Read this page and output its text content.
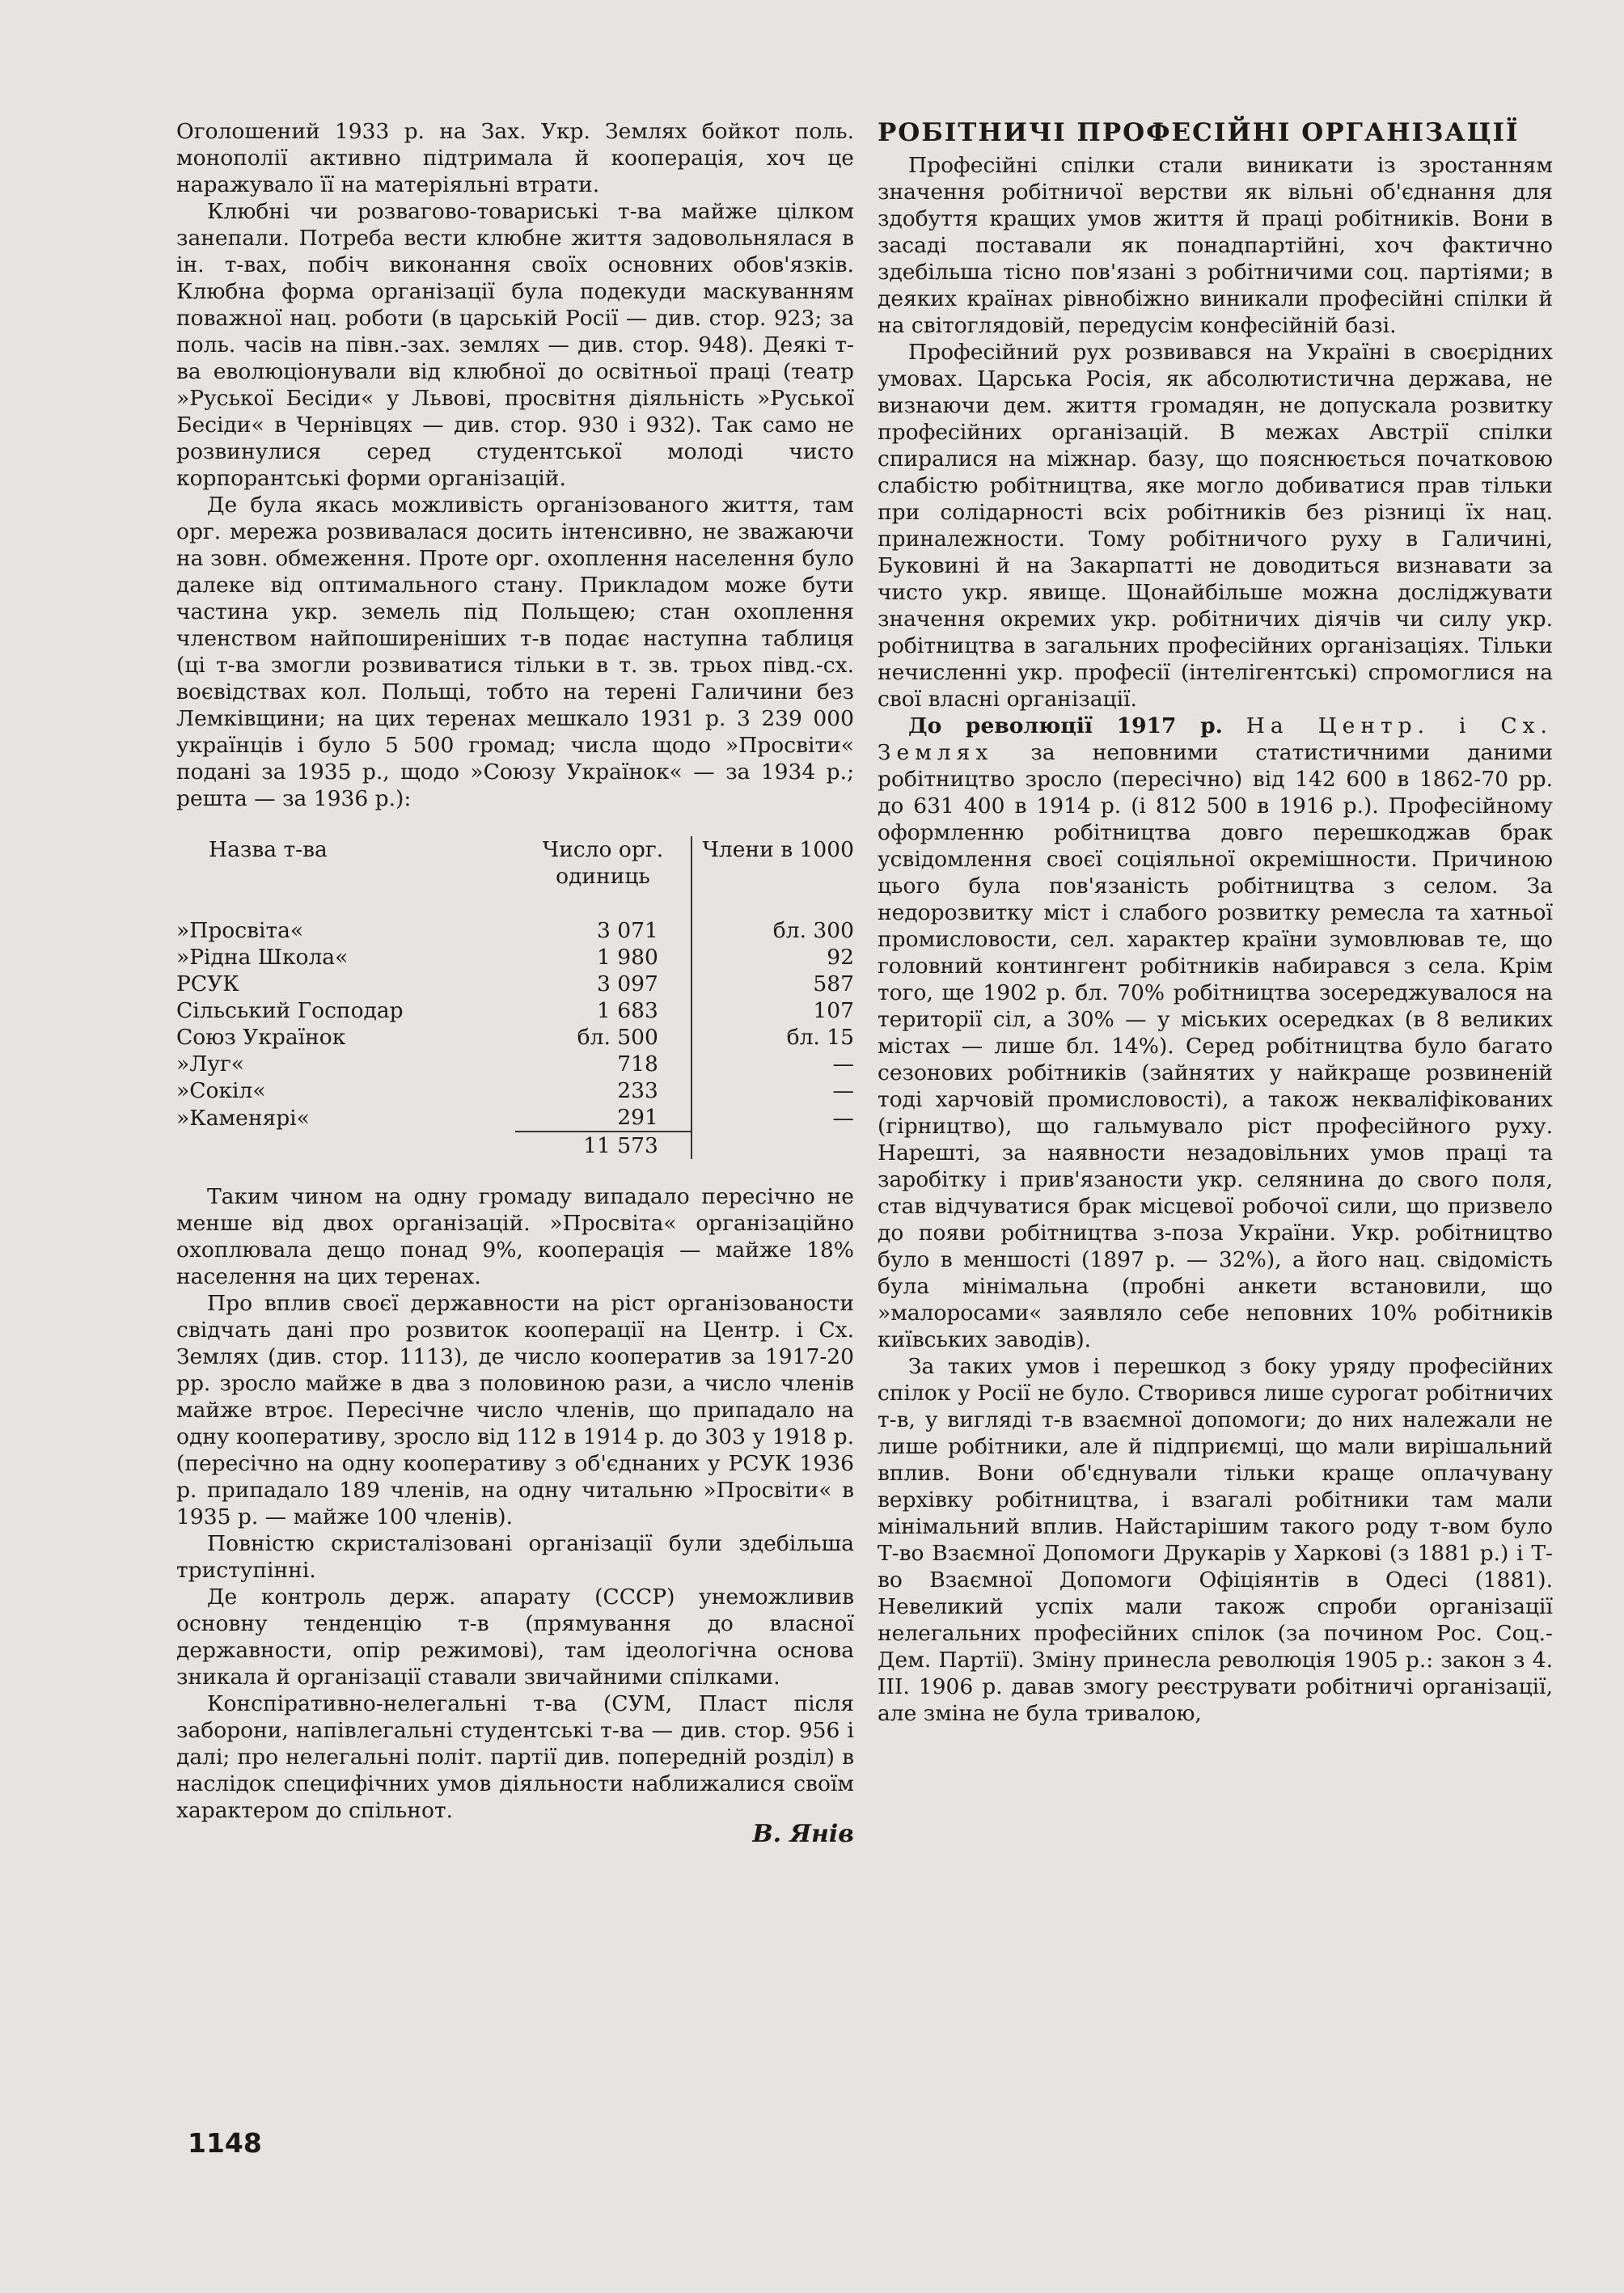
Оголошений 1933 р. на Зах. Укр. Землях бойкот поль. монополії активно підтримала й кооперація, хоч це наражувало її на матеріяльні втрати.

Клюбні чи розвагово-товариські т-ва майже цілком занепали. Потреба вести клюбне життя задовольнялася в ін. т-вах, побіч виконання своїх основних обов'язків. Клюбна форма організації була подекуди маскуванням поважної нац. роботи (в царській Росії — див. стор. 923; за поль. часів на півн.-зах. землях — див. стор. 948). Деякі т-ва еволюціонували від клюбної до освітньої праці (театр »Руської Бесіди« у Львові, просвітня діяльність »Руської Бесіди« в Чернівцях — див. стор. 930 і 932). Так само не розвинулися серед студентської молоді чисто корпорантські форми організацій.

Де була якась можливість організованого життя, там орг. мережа розвивалася досить інтенсивно, не зважаючи на зовн. обмеження. Проте орг. охоплення населення було далеке від оптимального стану. Прикладом може бути частина укр. земель під Польщею; стан охоплення членством найпоширеніших т-в подає наступна таблиця (ці т-ва змогли розвиватися тільки в т. зв. трьох півд.-сх. воєвідствах кол. Польщі, тобто на терені Галичини без Лемківщини; на цих теренах мешкало 1931 р. 3 239 000 українців і було 5 500 громад; числа щодо »Просвіти« подані за 1935 р., щодо »Союзу Українок« — за 1934 р.; решта — за 1936 р.):

Назва т-ва	Число орг. одиниць	Члени в 1000
»Просвіта«	3 071	бл. 300
»Рідна Школа«	1 980	92
РСУК	3 097	587
Сільський Господар	1 683	107
Союз Українок	бл. 500	бл. 15
»Луг«	718	—
»Сокіл«	233	—
»Каменярі«	291	—
	11 573	

Таким чином на одну громаду випадало пересічно не менше від двох організацій. »Просвіта« організаційно охоплювала дещо понад 9%, кооперація — майже 18% населення на цих теренах.

Про вплив своєї державности на ріст організованости свідчать дані про розвиток кооперації на Центр. і Сх. Землях (див. стор. 1113), де число кооператив за 1917-20 рр. зросло майже в два з половиною рази, а число членів майже втроє. Пересічне число членів, що припадало на одну кооперативу, зросло від 112 в 1914 р. до 303 у 1918 р. (пересічно на одну кооперативу з об'єднаних у РСУК 1936 р. припадало 189 членів, на одну читальню »Просвіти« в 1935 р. — майже 100 членів).

Повністю скристалізовані організації були здебільша триступінні.

Де контроль держ. апарату (СССР) унеможливив основну тенденцію т-в (прямування до власної державности, опір режимові), там ідеологічна основа зникала й організації ставали звичайними спілками.

Конспіративно-нелегальні т-ва (СУМ, Пласт після заборони, напівлегальні студентські т-ва — див. стор. 956 і далі; про нелегальні політ. партії див. попередній розділ) в наслідок специфічних умов діяльности наближалися своїм характером до спільнот.

В. Янів
РОБІТНИЧІ ПРОФЕСІЙНІ ОРГАНІЗАЦІЇ

Професійні спілки стали виникати із зростанням значення робітничої верстви як вільні об'єднання для здобуття кращих умов життя й праці робітників. Вони в засаді поставали як понадпартійні, хоч фактично здебільша тісно пов'язані з робітничими соц. партіями; в деяких країнах рівнобіжно виникали професійні спілки й на світоглядовій, передусім конфесійній базі.

Професійний рух розвивався на Україні в своєрідних умовах. Царська Росія, як абсолютистична держава, не визнаючи дем. життя громадян, не допускала розвитку професійних організацій. В межах Австрії спілки спиралися на міжнар. базу, що пояснюється початковою слабістю робітництва, яке могло добиватися прав тільки при солідарності всіх робітників без різниці їх нац. приналежности. Тому робітничого руху в Галичині, Буковині й на Закарпатті не доводиться визнавати за чисто укр. явище. Щонайбільше можна досліджувати значення окремих укр. робітничих діячів чи силу укр. робітництва в загальних професійних організаціях. Тільки нечисленні укр. професії (інтелігентські) спромоглися на свої власні організації.

До революції 1917 р. На Центр. і Сх. Землях за неповними статистичними даними робітництво зросло (пересічно) від 142 600 в 1862-70 рр. до 631 400 в 1914 р. (і 812 500 в 1916 р.). Професійному оформленню робітництва довго перешкоджав брак усвідомлення своєї соціяльної окремішности. Причиною цього була пов'язаність робітництва з селом. За недорозвитку міст і слабого розвитку ремесла та хатньої промисловости, сел. характер країни зумовлював те, що головний контингент робітників набирався з села. Крім того, ще 1902 р. бл. 70% робітництва зосереджувалося на території сіл, а 30% — у міських осередках (в 8 великих містах — лише бл. 14%). Серед робітництва було багато сезонових робітників (зайнятих у найкраще розвиненій тоді харчовій промисловості), а також некваліфікованих (гірництво), що гальмувало ріст професійного руху. Нарешті, за наявности незадовільних умов праці та заробітку і прив'язаности укр. селянина до свого поля, став відчуватися брак місцевої робочої сили, що призвело до появи робітництва з-поза України. Укр. робітництво було в меншості (1897 р. — 32%), а його нац. свідомість була мінімальна (пробні анкети встановили, що »малоросами« заявляло себе неповних 10% робітників київських заводів).

За таких умов і перешкод з боку уряду професійних спілок у Росії не було. Створився лише сурогат робітничих т-в, у вигляді т-в взаємної допомоги; до них належали не лише робітники, але й підприємці, що мали вирішальний вплив. Вони об'єднували тільки краще оплачувану верхівку робітництва, і взагалі робітники там мали мінімальний вплив. Найстарішим такого роду т-вом було Т-во Взаємної Допомоги Друкарів у Харкові (з 1881 р.) і Т-во Взаємної Допомоги Офіціянтів в Одесі (1881). Невеликий успіх мали також спроби організації нелегальних професійних спілок (за почином Рос. Соц.-Дем. Партії). Зміну принесла революція 1905 р.: закон з 4. III. 1906 р. давав змогу реєструвати робітничі організації, але зміна не була тривалою,

1148
